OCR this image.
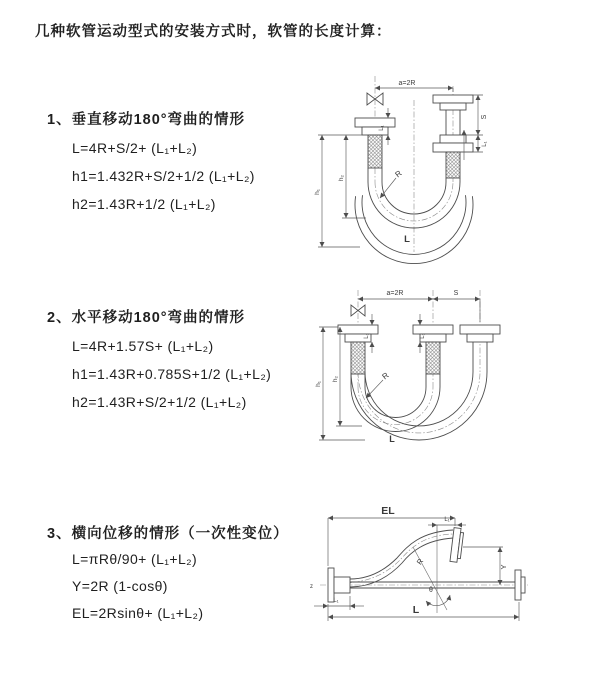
几种软管运动型式的安装方式时，软管的长度计算：
1、垂直移动180°弯曲的情形
L=4R+S/2+ (L₁+L₂)
h1=1.432R+S/2+1/2 (L₁+L₂)
h2=1.43R+1/2 (L₁+L₂)
a=2R
S
L₁
L₁
h₁
h₂	R
L
2、水平移动180°弯曲的情形
L=4R+1.57S+ (L₁+L₂)
h1=1.43R+0.785S+1/2 (L₁+L₂)
h2=1.43R+S/2+1/2 (L₁+L₂)
a=2R	S
L₁	L₁
h₁
h₂	R
L
3、横向位移的情形（一次性变位）
L=πRθ/90+ (L₁+L₂)
Y=2R (1-cosθ)
EL=2Rsinθ+ (L₁+L₂)
EL
L₁
R
θ
Y
L
L₁
z
